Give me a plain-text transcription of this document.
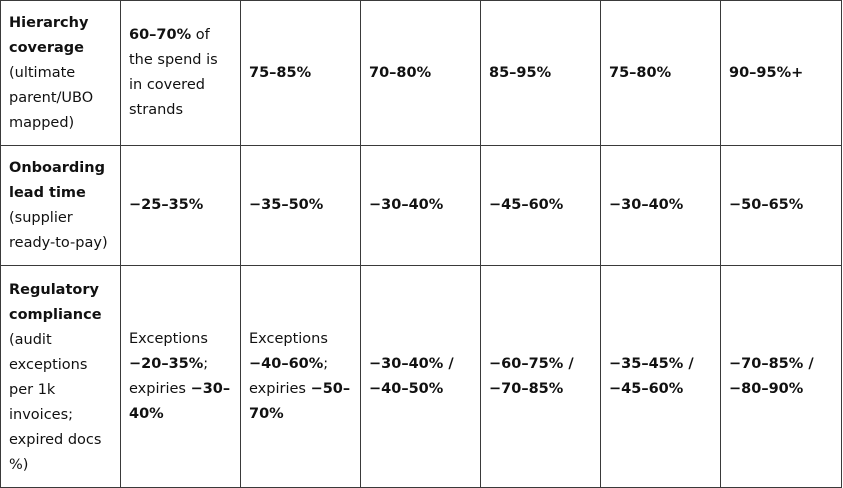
Hierarchy coverage (ultimate parent/UBO mapped)	60–70% of the spend is in covered strands	75–85%	70–80%	85–95%	75–80%	90–95%+
Onboarding lead time (supplier ready-to-pay)	−25–35%	−35–50%	−30–40%	−45–60%	−30–40%	−50–65%
Regulatory compliance (audit exceptions per 1k invoices; expired docs %)	Exceptions −20–35%; expiries −30–40%	Exceptions −40–60%; expiries −50–70%	−30–40% / −40–50%	−60–75% / −70–85%	−35–45% / −45–60%	−70–85% / −80–90%
